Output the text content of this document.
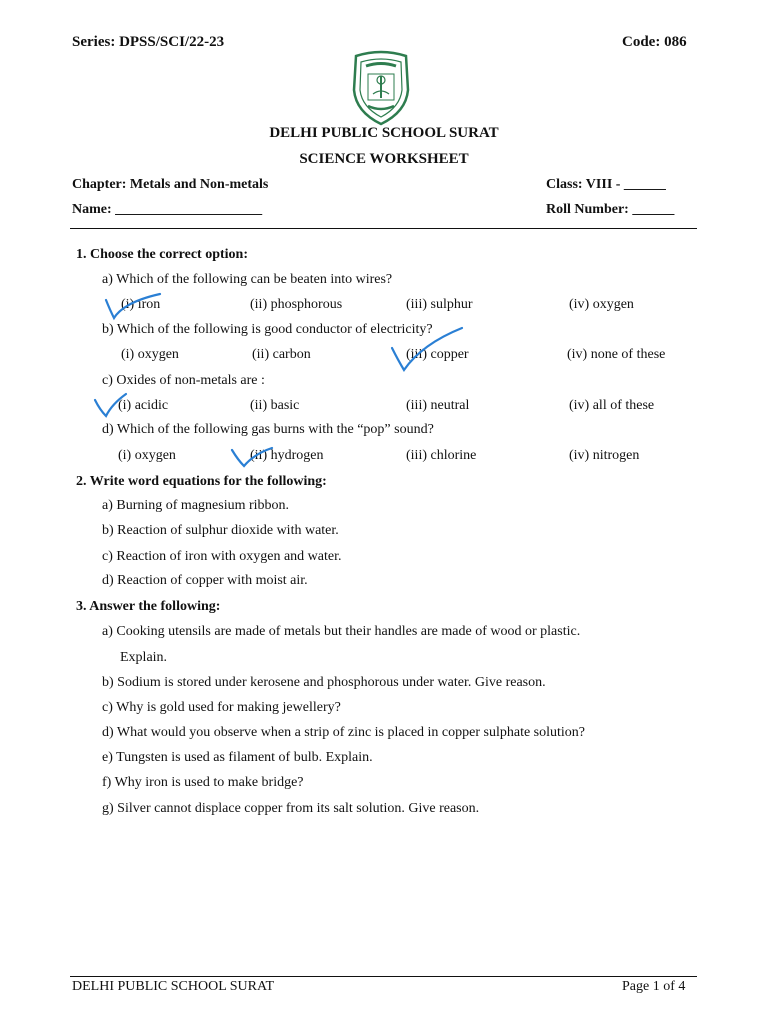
Series: DPSS/SCI/22-23	Code: 086
DELHI PUBLIC SCHOOL SURAT
SCIENCE WORKSHEET
Chapter: Metals and Non-metals	Class: VIII - ______
Name: _____________________	Roll Number: ______
1. Choose the correct option:
a) Which of the following can be beaten into wires?
(i) iron	(ii) phosphorous	(iii) sulphur	(iv) oxygen
b) Which of the following is good conductor of electricity?
(i) oxygen	(ii) carbon	(iii) copper	(iv) none of these
c) Oxides of non-metals are :
(i) acidic	(ii) basic	(iii) neutral	(iv) all of these
d) Which of the following gas burns with the “pop” sound?
(i) oxygen	(ii) hydrogen	(iii) chlorine	(iv) nitrogen
2. Write word equations for the following:
a) Burning of magnesium ribbon.
b) Reaction of sulphur dioxide with water.
c) Reaction of iron with oxygen and water.
d) Reaction of copper with moist air.
3. Answer the following:
a) Cooking utensils are made of metals but their handles are made of wood or plastic.
Explain.
b) Sodium is stored under kerosene and phosphorous under water. Give reason.
c) Why is gold used for making jewellery?
d) What would you observe when a strip of zinc is placed in copper sulphate solution?
e) Tungsten is used as filament of bulb. Explain.
f) Why iron is used to make bridge?
g) Silver cannot displace copper from its salt solution. Give reason.
DELHI PUBLIC SCHOOL SURAT	Page 1 of 4
